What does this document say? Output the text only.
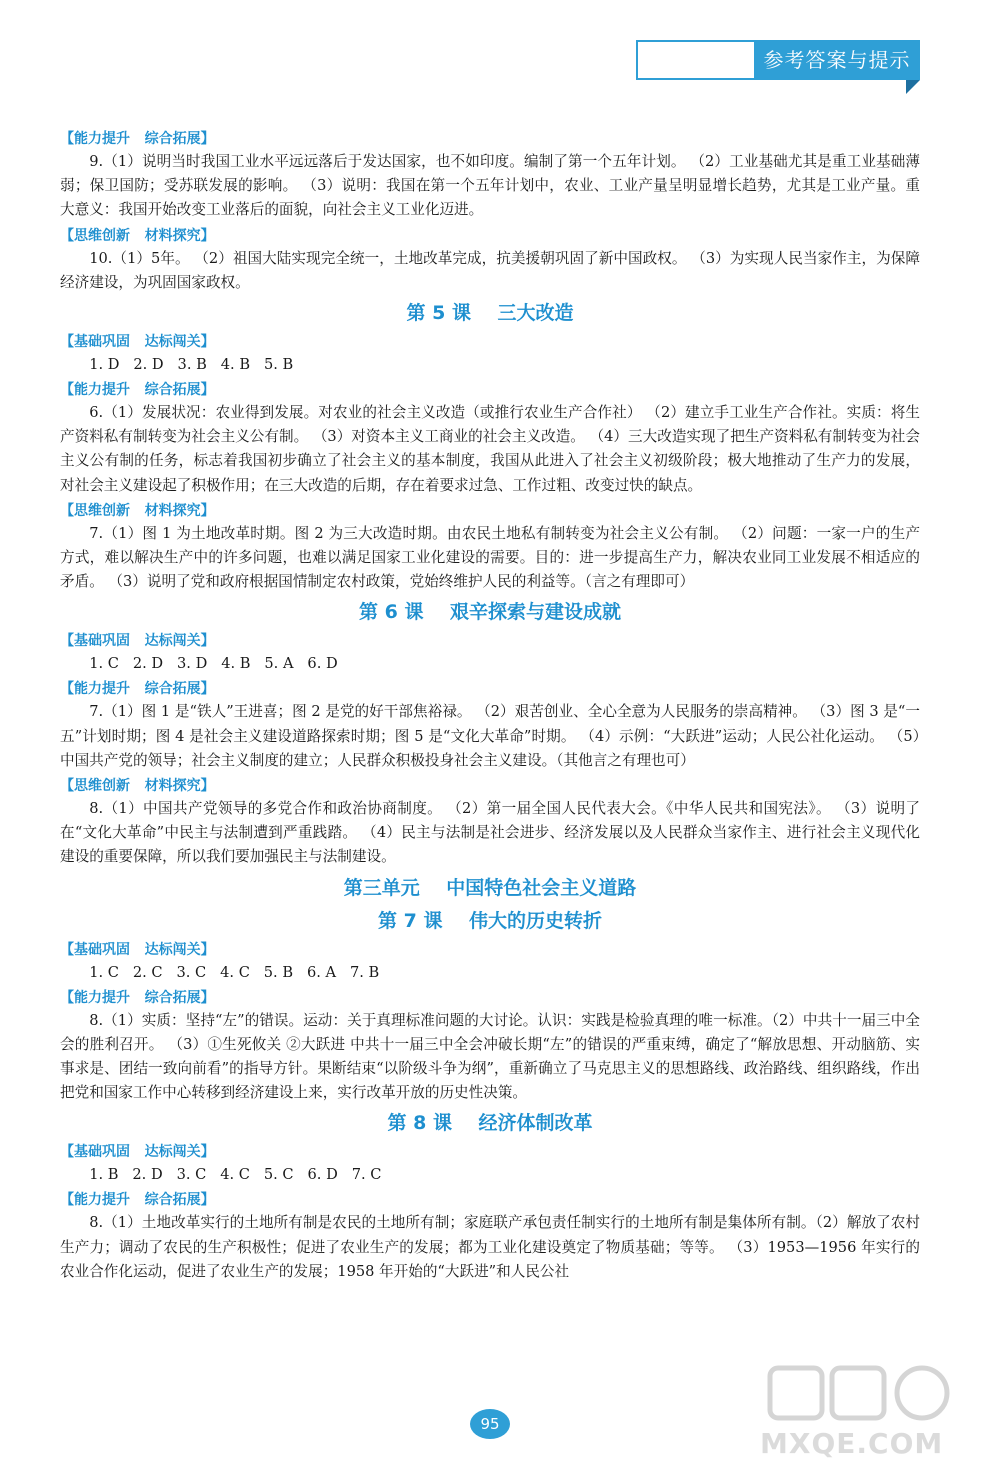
参考答案与提示
【能力提升   综合拓展】
9.（1）说明当时我国工业水平远远落后于发达国家，也不如印度。编制了第一个五年计划。 （2）工业基础尤其是重工业基础薄弱；保卫国防；受苏联发展的影响。 （3）说明：我国在第一个五年计划中，农业、工业产量呈明显增长趋势，尤其是工业产量。重大意义：我国开始改变工业落后的面貌，向社会主义工业化迈进。
【思维创新   材料探究】
10.（1）5年。 （2）祖国大陆实现完全统一，土地改革完成，抗美援朝巩固了新中国政权。 （3）为实现人民当家作主，为保障经济建设，为巩固国家政权。
第 5 课    三大改造
【基础巩固   达标闯关】
1. D   2. D   3. B   4. B   5. B
【能力提升   综合拓展】
6.（1）发展状况：农业得到发展。对农业的社会主义改造（或推行农业生产合作社） （2）建立手工业生产合作社。实质：将生产资料私有制转变为社会主义公有制。 （3）对资本主义工商业的社会主义改造。 （4）三大改造实现了把生产资料私有制转变为社会主义公有制的任务，标志着我国初步确立了社会主义的基本制度，我国从此进入了社会主义初级阶段；极大地推动了生产力的发展，对社会主义建设起了积极作用；在三大改造的后期，存在着要求过急、工作过粗、改变过快的缺点。
【思维创新   材料探究】
7.（1）图 1 为土地改革时期。图 2 为三大改造时期。由农民土地私有制转变为社会主义公有制。 （2）问题：一家一户的生产方式，难以解决生产中的许多问题，也难以满足国家工业化建设的需要。目的：进一步提高生产力，解决农业同工业发展不相适应的矛盾。 （3）说明了党和政府根据国情制定农村政策，党始终维护人民的利益等。（言之有理即可）
第 6 课    艰辛探索与建设成就
【基础巩固   达标闯关】
1. C   2. D   3. D   4. B   5. A   6. D
【能力提升   综合拓展】
7.（1）图 1 是“铁人”王进喜；图 2 是党的好干部焦裕禄。 （2）艰苦创业、全心全意为人民服务的崇高精神。 （3）图 3 是“一五”计划时期；图 4 是社会主义建设道路探索时期；图 5 是“文化大革命”时期。 （4）示例：“大跃进”运动；人民公社化运动。 （5）中国共产党的领导；社会主义制度的建立；人民群众积极投身社会主义建设。（其他言之有理也可）
【思维创新   材料探究】
8.（1）中国共产党领导的多党合作和政治协商制度。 （2）第一届全国人民代表大会。《中华人民共和国宪法》。 （3）说明了在“文化大革命”中民主与法制遭到严重践踏。 （4）民主与法制是社会进步、经济发展以及人民群众当家作主、进行社会主义现代化建设的重要保障，所以我们要加强民主与法制建设。
第三单元    中国特色社会主义道路
第 7 课    伟大的历史转折
【基础巩固   达标闯关】
1. C   2. C   3. C   4. C   5. B   6. A   7. B
【能力提升   综合拓展】
8.（1）实质：坚持“左”的错误。运动：关于真理标准问题的大讨论。认识：实践是检验真理的唯一标准。（2）中共十一届三中全会的胜利召开。 （3）①生死攸关 ②大跃进 中共十一届三中全会冲破长期“左”的错误的严重束缚，确定了“解放思想、开动脑筋、实事求是、团结一致向前看”的指导方针。果断结束“以阶级斗争为纲”，重新确立了马克思主义的思想路线、政治路线、组织路线，作出把党和国家工作中心转移到经济建设上来，实行改革开放的历史性决策。
第 8 课    经济体制改革
【基础巩固   达标闯关】
1. B   2. D   3. C   4. C   5. C   6. D   7. C
【能力提升   综合拓展】
8.（1）土地改革实行的土地所有制是农民的土地所有制；家庭联产承包责任制实行的土地所有制是集体所有制。（2）解放了农村生产力；调动了农民的生产积极性；促进了农业生产的发展；都为工业化建设奠定了物质基础；等等。 （3）1953—1956 年实行的农业合作化运动，促进了农业生产的发展；1958 年开始的“大跃进”和人民公社
95
MXQE.COM
